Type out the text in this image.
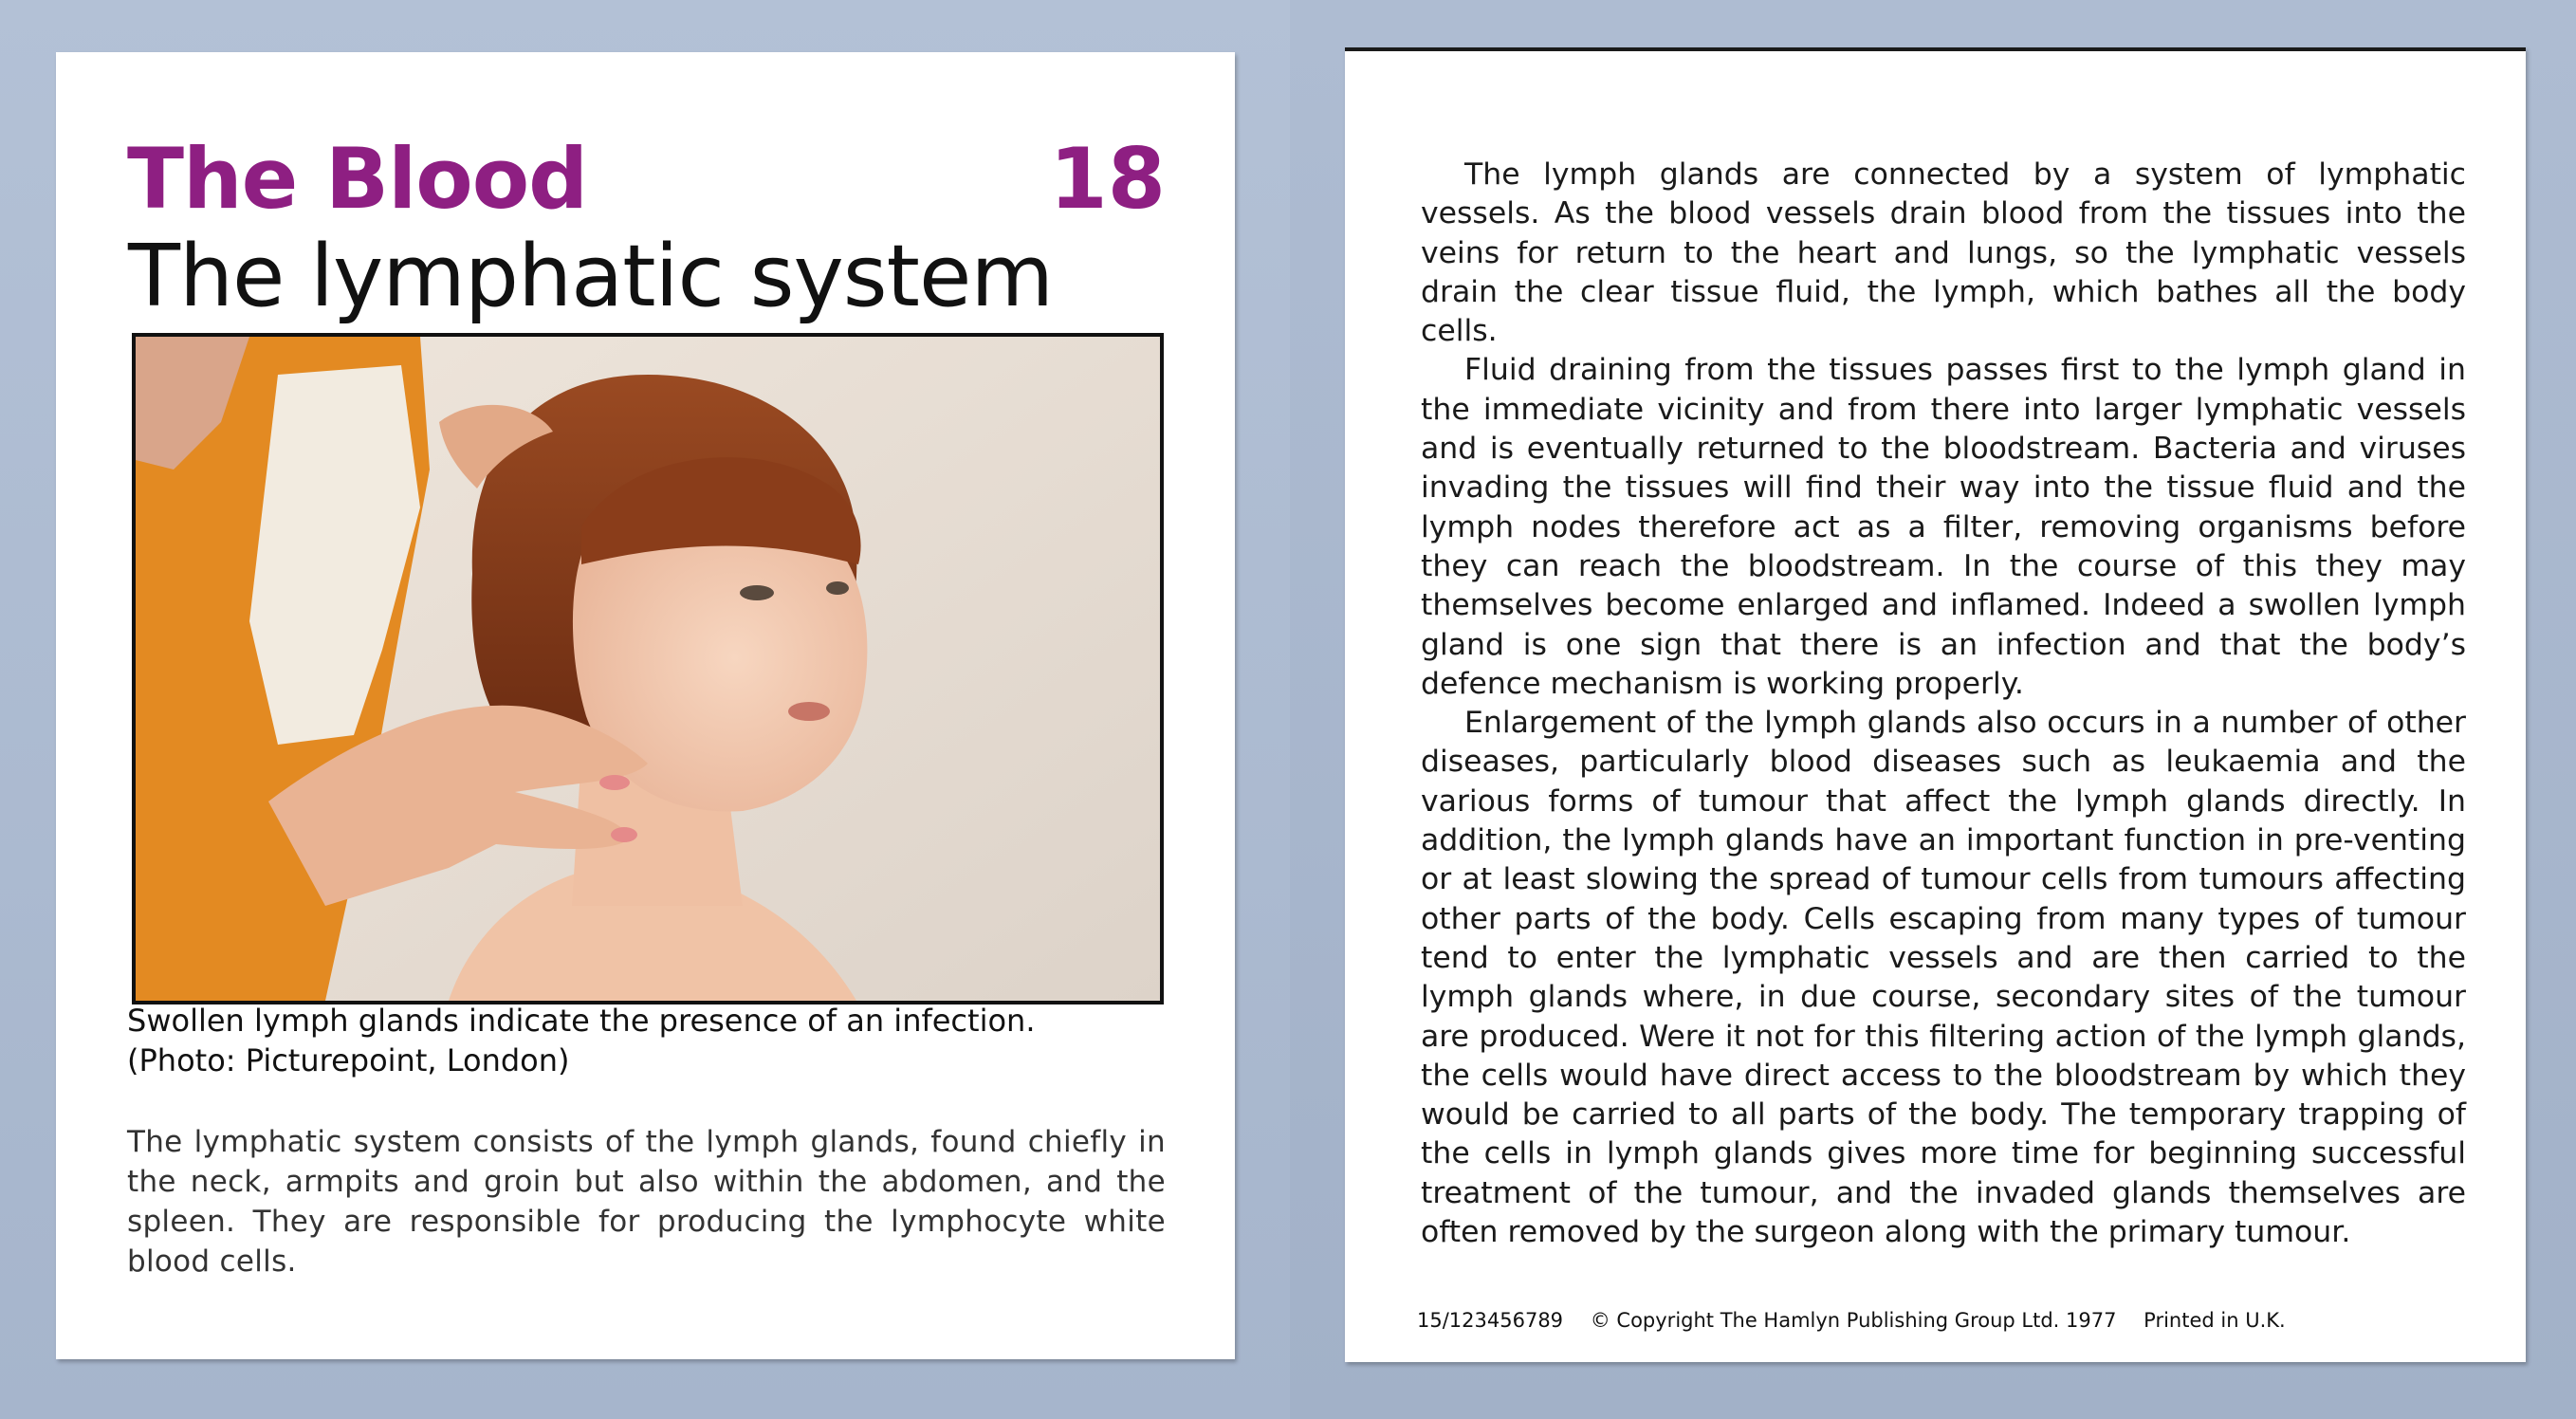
The Blood	18
The lymphatic system
Swollen lymph glands indicate the presence of an infection.
(Photo: Picturepoint, London)
The lymphatic system consists of the lymph glands, found chiefly in the neck, armpits and groin but also within the abdomen, and the spleen. They are responsible for producing the lymphocyte white blood cells.

The lymph glands are connected by a system of lymphatic vessels. As the blood vessels drain blood from the tissues into the veins for return to the heart and lungs, so the lymphatic vessels drain the clear tissue fluid, the lymph, which bathes all the body cells.

Fluid draining from the tissues passes first to the lymph gland in the immediate vicinity and from there into larger lymphatic vessels and is eventually returned to the bloodstream. Bacteria and viruses invading the tissues will find their way into the tissue fluid and the lymph nodes therefore act as a filter, removing organisms before they can reach the bloodstream. In the course of this they may themselves become enlarged and inflamed. Indeed a swollen lymph gland is one sign that there is an infection and that the body’s defence mechanism is working properly.

Enlargement of the lymph glands also occurs in a number of other diseases, particularly blood diseases such as leukaemia and the various forms of tumour that affect the lymph glands directly. In addition, the lymph glands have an important function in pre-venting or at least slowing the spread of tumour cells from tumours affecting other parts of the body. Cells escaping from many types of tumour tend to enter the lymphatic vessels and are then carried to the lymph glands where, in due course, secondary sites of the tumour are produced. Were it not for this filtering action of the lymph glands, the cells would have direct access to the bloodstream by which they would be carried to all parts of the body. The temporary trapping of the cells in lymph glands gives more time for beginning successful treatment of the tumour, and the invaded glands themselves are often removed by the surgeon along with the primary tumour.

15/123456789 © Copyright The Hamlyn Publishing Group Ltd. 1977 Printed in U.K.
